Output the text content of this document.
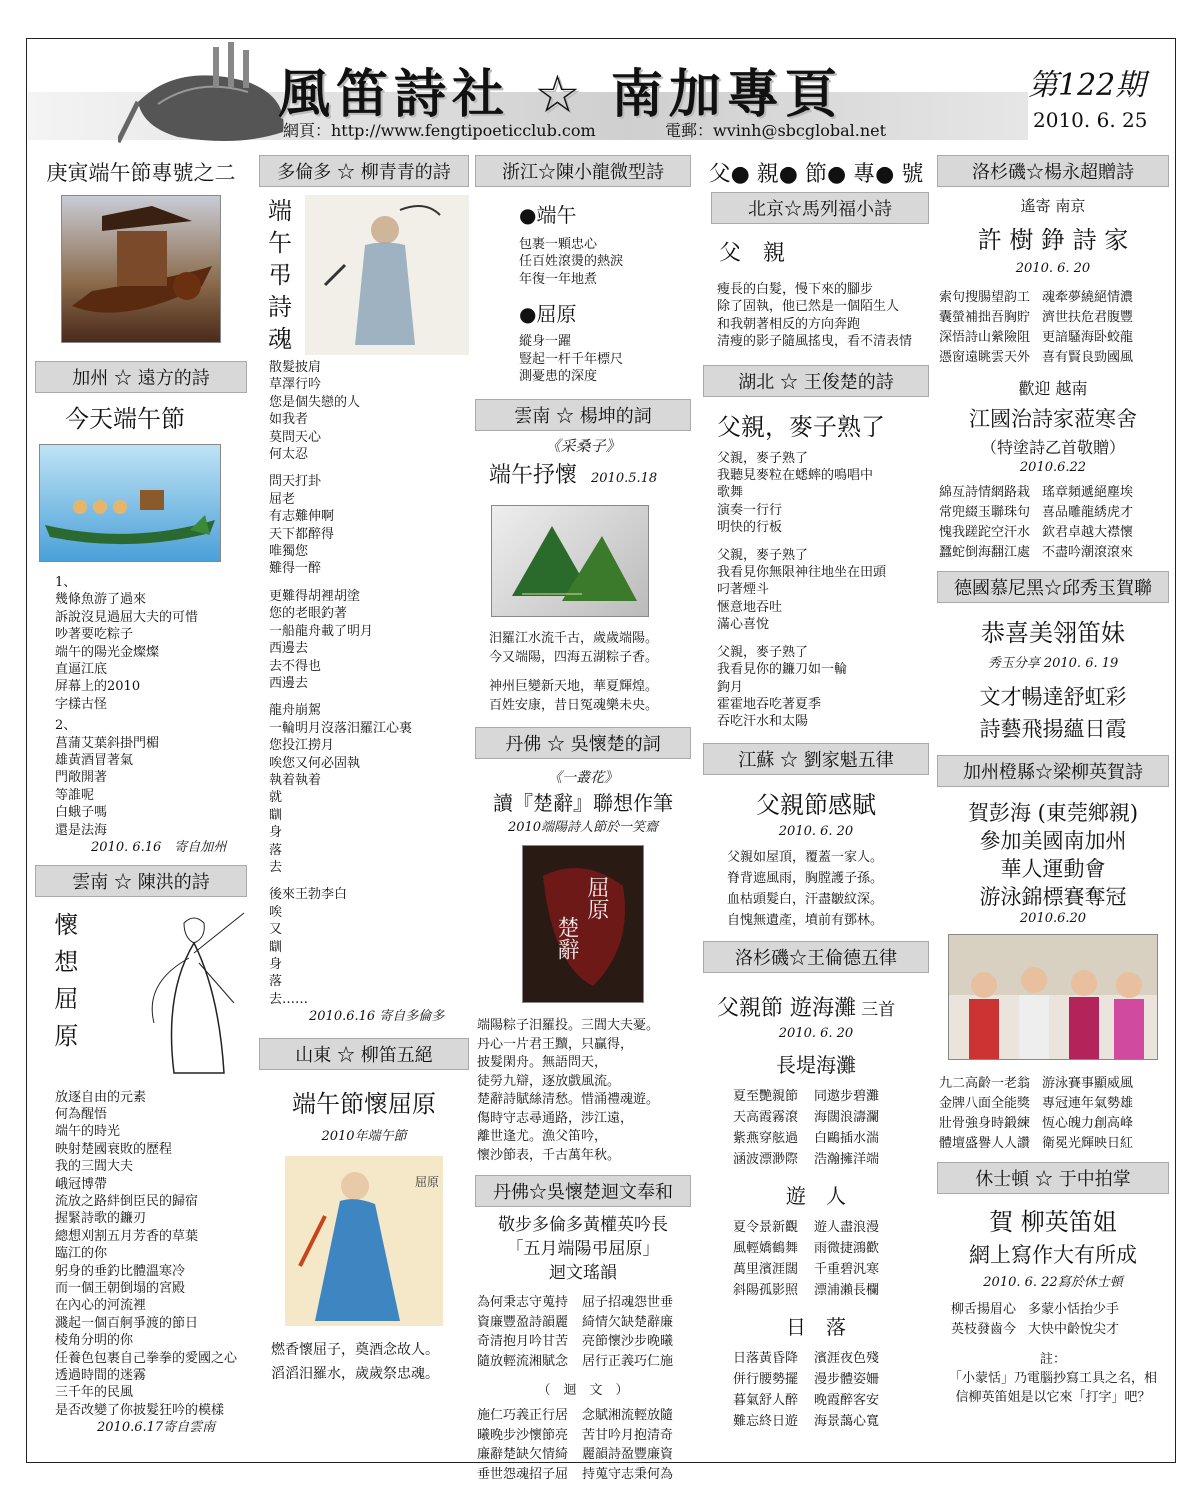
風笛詩社 ☆ 南加專頁
網頁：http://www.fengtipoeticclub.com	電郵：wvinh@sbcglobal.net
第122期
2010. 6. 25
庚寅端午節專號之二
加州 ☆ 遠方的詩
今天端午節
1、
幾條魚游了過來
訴說沒見過屈大夫的可惜
吵著要吃粽子
端午的陽光金燦燦
直逼江底
屏幕上的2010
字樣古怪
2、
菖蒲艾葉斜掛門楣
雄黃酒冒著氣
門敞開著
等誰呢
白蛾子嗎
還是法海
2010. 6.16　寄自加州
雲南 ☆ 陳洪的詩
懷
想
屈
原
放逐自由的元素
何為醒悟
端午的時光
映射楚國衰敗的歷程
我的三閭大夫
峨冠博帶
流放之路絆倒臣民的歸宿
握緊詩歌的鐮刃
總想刈割五月芳香的草葉
臨江的你
躬身的垂釣比體溫寒冷
而一個王朝倒塌的宮殿
在內心的河流裡
濺起一個百舸爭渡的節日
棱角分明的你
任養色包裹自己拳拳的愛國之心
透過時間的迷霧
三千年的民風
是否改變了你披髮狂吟的模樣
2010.6.17寄自雲南
多倫多 ☆ 柳青青的詩
端
午
弔
詩
魂
散髮披肩
草澤行吟
您是個失戀的人
如我者
莫問天心
何太忍
問天打卦
屈老
有志難伸啊
天下都醉得
唯獨您
難得一醉
更難得胡裡胡塗
您的老眼釣著
一船龍舟載了明月
西邊去
去不得也
西邊去
龍舟崩駕
一輪明月沒落汨羅江心裏
您投江撈月
唉您又何必固執
執着執着
就
瞓
身
落
去
後來王勃李白
唉
又
瞓
身
落
去……
2010.6.16 寄自多倫多
山東 ☆ 柳笛五絕
端午節懷屈原
2010年端午節
屈原
燃香懷屈子，奠酒念故人。
滔滔汨羅水，歲歲祭忠魂。
浙江☆陳小龍微型詩
●端午
包裹一顆忠心
任百姓滾燙的熱淚
年復一年地煮
●屈原
縱身一躍
豎起一杆千年標尺
測憂患的深度
雲南 ☆ 楊坤的詞
《采桑子》
端午抒懷 2010.5.18
汨羅江水流千古，歲歲端陽。
今又端陽，四海五湖粽子香。
神州巨變新天地，華夏輝煌。
百姓安康，昔日冤魂樂未央。
丹佛 ☆ 吳懷楚的詞
《一叢花》
讀『楚辭』聯想作筆
2010端陽詩人節於一笑齋
屈原
楚辭
端陽粽子汨羅投。三閭大夫憂。
丹心一片君王黷，只贏得，
披髮閑舟。無語問天，
徒勞九辯，逐放戲風流。
楚辭詩賦絲清愁。惜涌禮魂遊。
傷時守志尋通路，涉江遠，
離世逢尤。漁父笛吟，
懷沙節表，千古萬年秋。
丹佛☆吳懷楚迴文奉和
敬步多倫多黃權英吟長
「五月端陽弔屈原」
迴文瑤韻
為何秉志守蒐持
資廉豐盈詩韻麗
奇清抱月吟甘苦
隨放輕流湘賦念
屈子招魂怨世垂
綺情欠缺楚辭廉
亮節懷沙步晚曦
居行正義巧仁施
（　迴　文　）
施仁巧義正行居
曦晚步沙懷節亮
廉辭楚缺欠情綺
垂世怨魂招子屈
念賦湘流輕放隨
苦甘吟月抱清奇
麗韻詩盈豐廉資
持蒐守志秉何為
父● 親● 節● 專● 號
北京☆馬列福小詩
父　親
瘦長的白髮，慢下來的腳步
除了固執，他已然是一個陌生人
和我朝著相反的方向奔跑
清瘦的影子隨風搖曳，看不清表情
湖北 ☆ 王俊楚的詩
父親，麥子熟了
父親，麥子熟了
我聽見麥粒在蟋蟀的鳴唱中
歌舞
演奏一行行
明快的行板
父親，麥子熟了
我看見你無限神往地坐在田頭
叼著煙斗
愜意地吞吐
滿心喜悅
父親，麥子熟了
我看見你的鐮刀如一輪
鉤月
霍霍地吞吃著夏季
吞吃汗水和太陽
江蘇 ☆ 劉家魁五律
父親節感賦
2010. 6. 20
父親如屋頂，覆蓋一家人。
脊背遮風雨，胸膛護子孫。
血枯頭髮白，汗盡皺紋深。
自愧無遺產，墳前有鄧林。
洛杉磯☆王倫德五律
父親節 遊海灘 三首
2010. 6. 20
長堤海灘
夏至艷親節
天高霞霧滾
紫燕穿舷過
涵波漂渺際
同遨步碧灘
海闊浪濤瀾
白鷗插水湍
浩瀚擁洋端
遊　人
夏令景新觀
風輕嬌鶴舞
萬里濱涯闊
斜陽孤影照
遊人盡浪漫
雨微捷鴻歡
千重碧汎寒
漂浦瀨長欄
日　落
日落黃昏降
併行腰勢擺
暮氣舒人醉
難忘終日遊
濱涯夜色殘
漫步體姿姍
晚霞醉客安
海景藹心寬
洛杉磯☆楊永超贈詩
遙寄 南京
許 樹 錚 詩 家
2010. 6. 20
索句搜腸望韵工
囊螢補拙吾胸貯
深悟詩山縈險阻
憑窗遠眺雲天外
魂牽夢繞絕情濃
濟世扶危君腹豐
更諳騷海卧蛟龍
喜有賢良勁國風
歡迎 越南
江國治詩家蒞寒舍
（特塗詩乙首敬贈）
2010.6.22
綿亙詩情網路栽
常兜綴玉聯珠句
愧我蹉跎空汗水
蠶蛇倒海翻江處
瑤章頻遞絕塵埃
喜品雕龍綉虎才
欽君卓越大襟懷
不盡吟潮滾滾來
德國慕尼黑☆邱秀玉賀聯
恭喜美翎笛妹
秀玉分享 2010. 6. 19
文才暢達舒虹彩
詩藝飛揚蘊日霞
加州橙縣☆梁柳英賀詩
賀彭海 (東莞鄉親)
參加美國南加州
華人運動會
游泳錦標賽奪冠
2010.6.20
九二高齡一老翁
金牌八面全能獎
壯骨強身時鍛練
體壇盛譽人人讚
游泳賽事顯威風
專冠連年氣勢雄
恆心魄力創高峰
衛冕光輝映日紅
休士頓 ☆ 于中拍掌
賀 柳英笛姐
網上寫作大有所成
2010. 6. 22寫於休士頓
柳舌揚眉心
英枝發齒今
多蒙小恬抬少手
大快中齡悅尖才
註：
「小蒙恬」乃電腦抄寫工具之名，相
信柳英笛姐是以它來「打字」吧？
